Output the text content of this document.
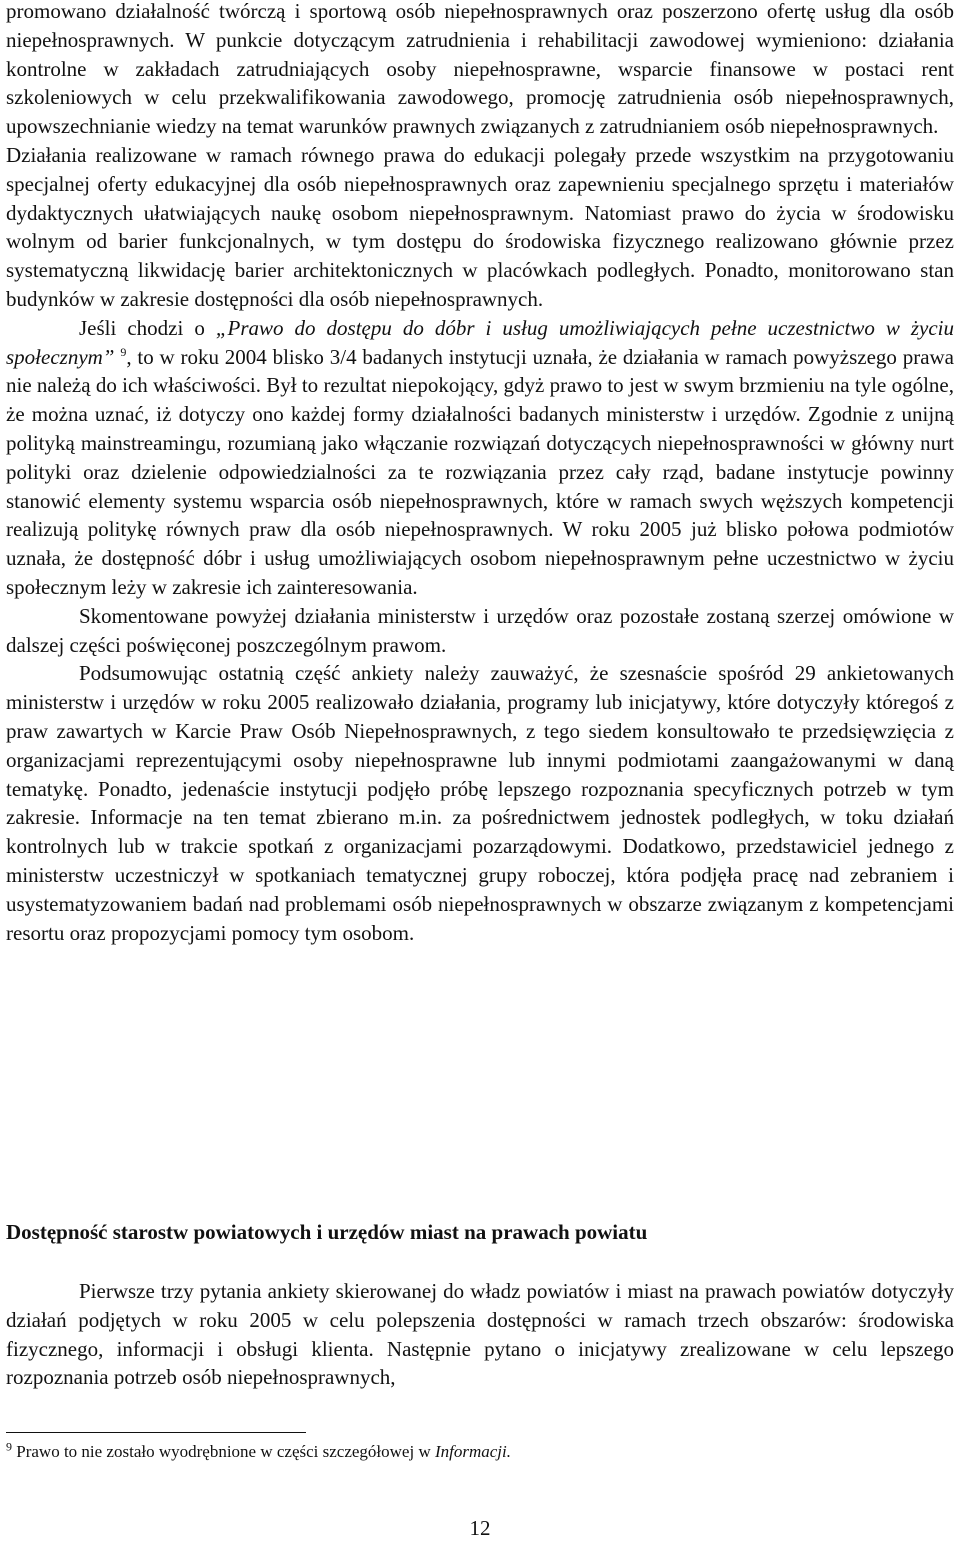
promowano działalność twórczą i sportową osób niepełnosprawnych oraz poszerzono ofertę usług dla osób niepełnosprawnych. W punkcie dotyczącym zatrudnienia i rehabilitacji zawodowej wymieniono: działania kontrolne w zakładach zatrudniających osoby niepełnosprawne, wsparcie finansowe w postaci rent szkoleniowych w celu przekwalifikowania zawodowego, promocję zatrudnienia osób niepełnosprawnych, upowszechnianie wiedzy na temat warunków prawnych związanych z zatrudnianiem osób niepełnosprawnych.

Działania realizowane w ramach równego prawa do edukacji polegały przede wszystkim na przygotowaniu specjalnej oferty edukacyjnej dla osób niepełnosprawnych oraz zapewnieniu specjalnego sprzętu i materiałów dydaktycznych ułatwiających naukę osobom niepełnosprawnym. Natomiast prawo do życia w środowisku wolnym od barier funkcjonalnych, w tym dostępu do środowiska fizycznego realizowano głównie przez systematyczną likwidację barier architektonicznych w placówkach podległych. Ponadto, monitorowano stan budynków w zakresie dostępności dla osób niepełnosprawnych.

Jeśli chodzi o „Prawo do dostępu do dóbr i usług umożliwiających pełne uczestnictwo w życiu społecznym” $^9$, to w roku 2004 blisko 3/4 badanych instytucji uznała, że działania w ramach powyższego prawa nie należą do ich właściwości. Był to rezultat niepokojący, gdyż prawo to jest w swym brzmieniu na tyle ogólne, że można uznać, iż dotyczy ono każdej formy działalności badanych ministerstw i urzędów. Zgodnie z unijną polityką mainstreamingu, rozumianą jako włączanie rozwiązań dotyczących niepełnosprawności w główny nurt polityki oraz dzielenie odpowiedzialności za te rozwiązania przez cały rząd, badane instytucje powinny stanowić elementy systemu wsparcia osób niepełnosprawnych, które w ramach swych węższych kompetencji realizują politykę równych praw dla osób niepełnosprawnych. W roku 2005 już blisko połowa podmiotów uznała, że dostępność dóbr i usług umożliwiających osobom niepełnosprawnym pełne uczestnictwo w życiu społecznym leży w zakresie ich zainteresowania.

Skomentowane powyżej działania ministerstw i urzędów oraz pozostałe zostaną szerzej omówione w dalszej części poświęconej poszczególnym prawom.

Podsumowując ostatnią część ankiety należy zauważyć, że szesnaście spośród 29 ankietowanych ministerstw i urzędów w roku 2005 realizowało działania, programy lub inicjatywy, które dotyczyły któregoś z praw zawartych w Karcie Praw Osób Niepełnosprawnych, z tego siedem konsultowało te przedsięwzięcia z organizacjami reprezentującymi osoby niepełnosprawne lub innymi podmiotami zaangażowanymi w daną tematykę. Ponadto, jedenaście instytucji podjęło próbę lepszego rozpoznania specyficznych potrzeb w tym zakresie. Informacje na ten temat zbierano m.in. za pośrednictwem jednostek podległych, w toku działań kontrolnych lub w trakcie spotkań z organizacjami pozarządowymi. Dodatkowo, przedstawiciel jednego z ministerstw uczestniczył w spotkaniach tematycznej grupy roboczej, która podjęła pracę nad zebraniem i usystematyzowaniem badań nad problemami osób niepełnosprawnych w obszarze związanym z kompetencjami resortu oraz propozycjami pomocy tym osobom.

Dostępność starostw powiatowych i urzędów miast na prawach powiatu

Pierwsze trzy pytania ankiety skierowanej do władz powiatów i miast na prawach powiatów dotyczyły działań podjętych w roku 2005 w celu polepszenia dostępności w ramach trzech obszarów: środowiska fizycznego, informacji i obsługi klienta. Następnie pytano o inicjatywy zrealizowane w celu lepszego rozpoznania potrzeb osób niepełnosprawnych,

$^9$ Prawo to nie zostało wyodrębnione w części szczegółowej w Informacji.
12
